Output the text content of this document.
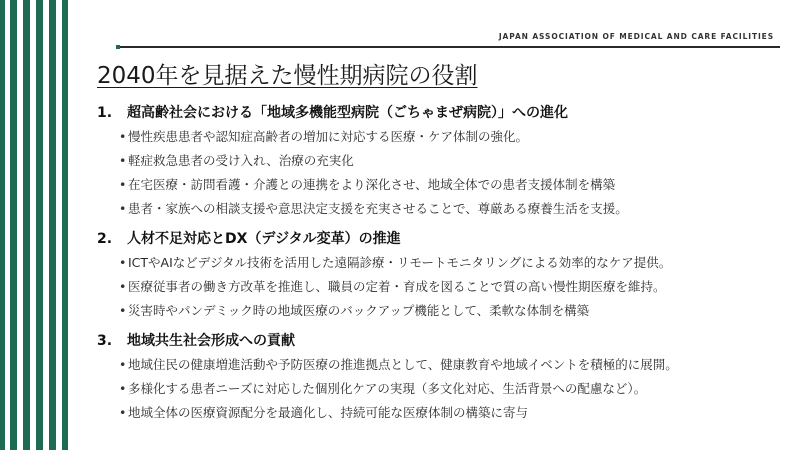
JAPAN ASSOCIATION OF MEDICAL AND CARE FACILITIES
2040年を見据えた慢性期病院の役割
1.	超高齢社会における「地域多機能型病院（ごちゃまぜ病院）」への進化
• 慢性疾患患者や認知症高齢者の増加に対応する医療・ケア体制の強化。
• 軽症救急患者の受け入れ、治療の充実化
• 在宅医療・訪問看護・介護との連携をより深化させ、地域全体での患者支援体制を構築
• 患者・家族への相談支援や意思決定支援を充実させることで、尊厳ある療養生活を支援。
2.	人材不足対応とDX（デジタル変革）の推進
• ICTやAIなどデジタル技術を活用した遠隔診療・リモートモニタリングによる効率的なケア提供。
• 医療従事者の働き方改革を推進し、職員の定着・育成を図ることで質の高い慢性期医療を維持。
• 災害時やパンデミック時の地域医療のバックアップ機能として、柔軟な体制を構築
3.	地域共生社会形成への貢献
• 地域住民の健康増進活動や予防医療の推進拠点として、健康教育や地域イベントを積極的に展開。
• 多様化する患者ニーズに対応した個別化ケアの実現（多文化対応、生活背景への配慮など）。
• 地域全体の医療資源配分を最適化し、持続可能な医療体制の構築に寄与
